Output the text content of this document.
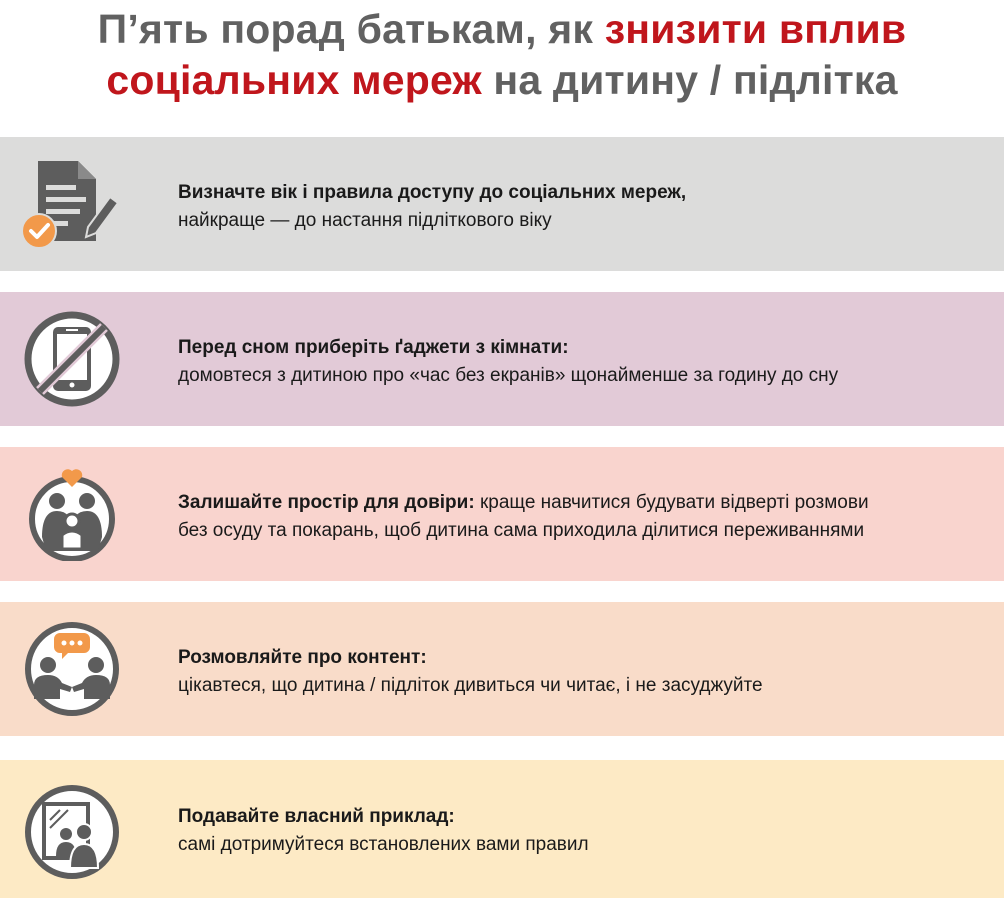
П’ять порад батькам, як знизити вплив
соціальних мереж на дитину / підлітка
Визначте вік і правила доступу до соціальних мереж,
найкраще — до настання підліткового віку
Перед сном приберіть ґаджети з кімнати:
домовтеся з дитиною про «час без екранів» щонайменше за годину до сну
Залишайте простір для довіри: краще навчитися будувати відверті розмови
без осуду та покарань, щоб дитина сама приходила ділитися переживаннями
Розмовляйте про контент:
цікавтеся, що дитина / підліток дивиться чи читає, і не засуджуйте
Подавайте власний приклад:
самі дотримуйтеся встановлених вами правил
